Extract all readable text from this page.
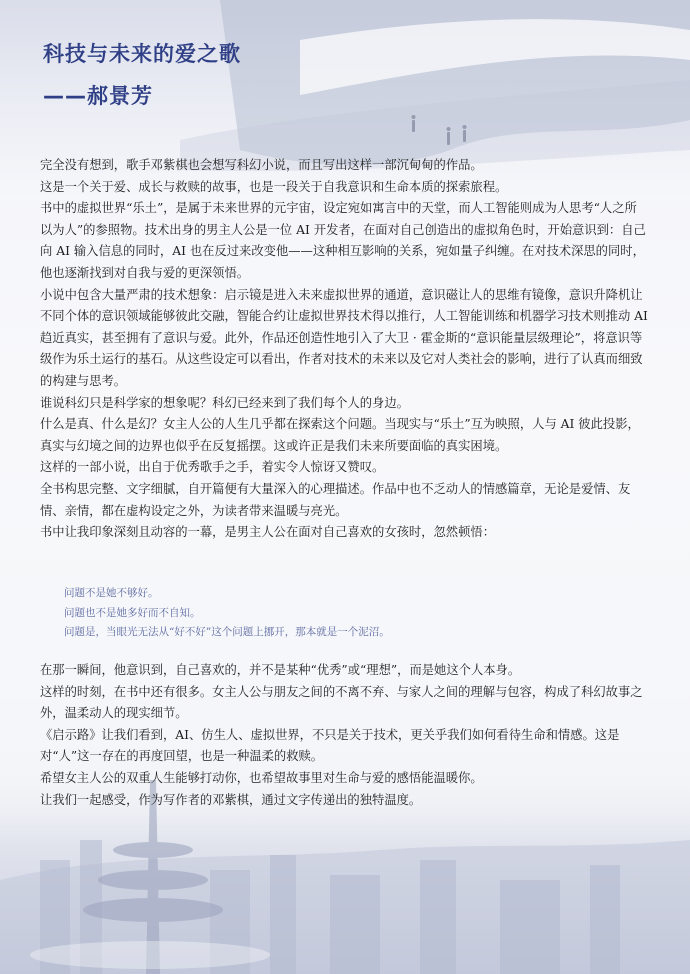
科技与未来的爱之歌
——郝景芳

完全没有想到，歌手邓紫棋也会想写科幻小说，而且写出这样一部沉甸甸的作品。

这是一个关于爱、成长与救赎的故事，也是一段关于自我意识和生命本质的探索旅程。

书中的虚拟世界“乐土”，是属于未来世界的元宇宙，设定宛如寓言中的天堂，而人工智能则成为人思考“人之所以为人”的参照物。技术出身的男主人公是一位 AI 开发者，在面对自己创造出的虚拟角色时，开始意识到：自己向 AI 输入信息的同时，AI 也在反过来改变他——这种相互影响的关系，宛如量子纠缠。在对技术深思的同时，他也逐渐找到对自我与爱的更深领悟。

小说中包含大量严肃的技术想象：启示镜是进入未来虚拟世界的通道，意识磁让人的思维有镜像，意识升降机让不同个体的意识领域能够彼此交融，智能合约让虚拟世界技术得以推行，人工智能训练和机器学习技术则推动 AI 趋近真实，甚至拥有了意识与爱。此外，作品还创造性地引入了大卫 · 霍金斯的“意识能量层级理论”，将意识等级作为乐土运行的基石。从这些设定可以看出，作者对技术的未来以及它对人类社会的影响，进行了认真而细致的构建与思考。

谁说科幻只是科学家的想象呢？科幻已经来到了我们每个人的身边。

什么是真、什么是幻？女主人公的人生几乎都在探索这个问题。当现实与“乐土”互为映照，人与 AI 彼此投影，真实与幻境之间的边界也似乎在反复摇摆。这或许正是我们未来所要面临的真实困境。

这样的一部小说，出自于优秀歌手之手，着实令人惊讶又赞叹。

全书构思完整、文字细腻，自开篇便有大量深入的心理描述。作品中也不乏动人的情感篇章，无论是爱情、友情、亲情，都在虚构设定之外，为读者带来温暖与亮光。

书中让我印象深刻且动容的一幕，是男主人公在面对自己喜欢的女孩时，忽然顿悟：

问题不是她不够好。

问题也不是她多好而不自知。

问题是，当眼光无法从“好不好”这个问题上挪开，那本就是一个泥沼。

在那一瞬间，他意识到，自己喜欢的，并不是某种“优秀”或“理想”，而是她这个人本身。

这样的时刻，在书中还有很多。女主人公与朋友之间的不离不弃、与家人之间的理解与包容，构成了科幻故事之外，温柔动人的现实细节。

《启示路》让我们看到，AI、仿生人、虚拟世界，不只是关于技术，更关乎我们如何看待生命和情感。这是对“人”这一存在的再度回望，也是一种温柔的救赎。

希望女主人公的双重人生能够打动你，也希望故事里对生命与爱的感悟能温暖你。

让我们一起感受，作为写作者的邓紫棋，通过文字传递出的独特温度。
